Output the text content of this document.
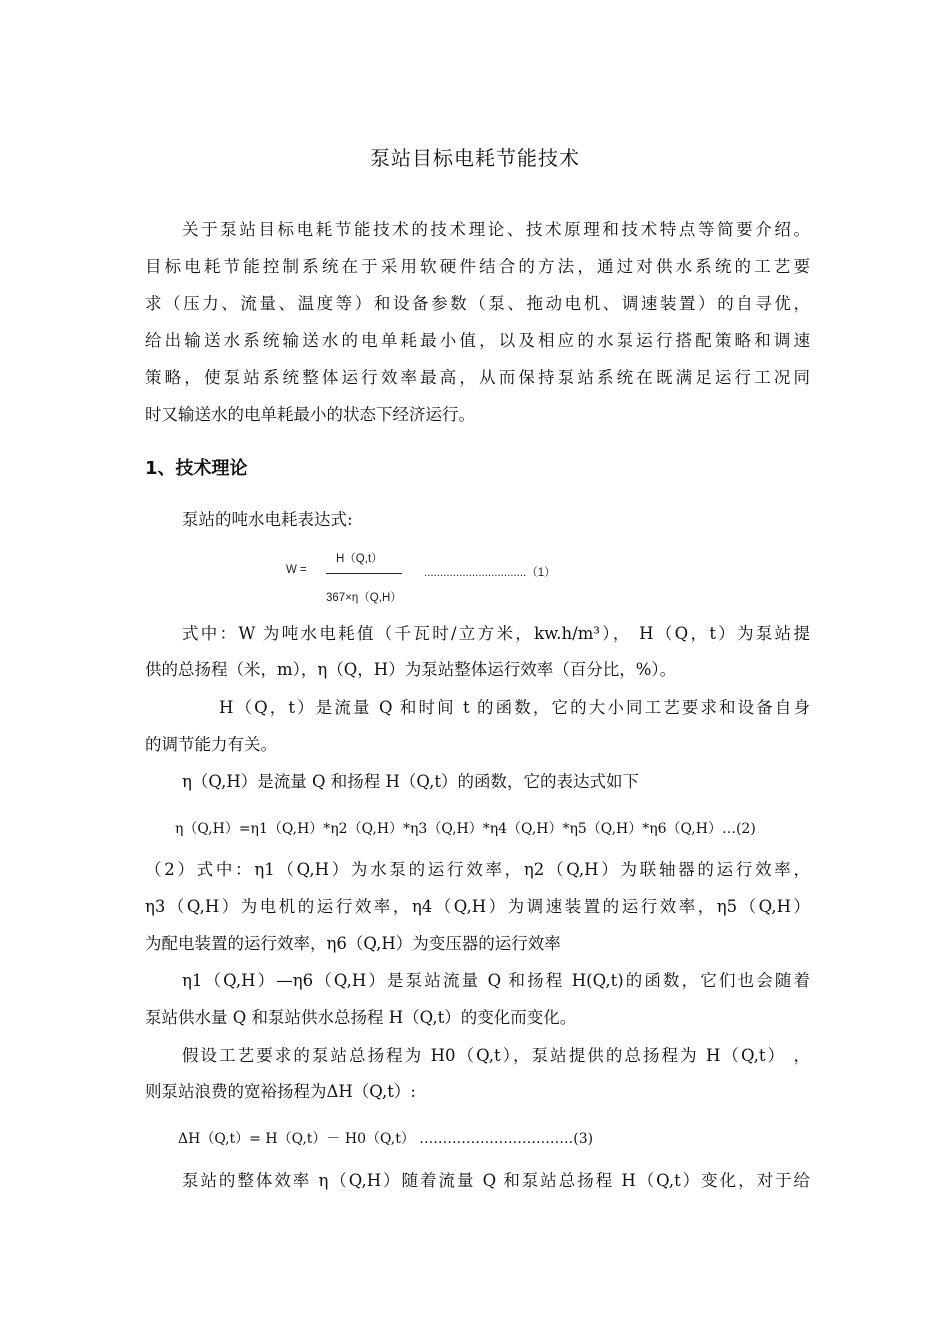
泵站目标电耗节能技术
关于泵站目标电耗节能技术的技术理论、技术原理和技术特点等简要介绍。
目标电耗节能控制系统在于采用软硬件结合的方法，通过对供水系统的工艺要
求（压力、流量、温度等）和设备参数（泵、拖动电机、调速装置）的自寻优，
给出输送水系统输送水的电单耗最小值，以及相应的水泵运行搭配策略和调速
策略，使泵站系统整体运行效率最高，从而保持泵站系统在既满足运行工况同
时又输送水的电单耗最小的状态下经济运行。
1、技术理论
泵站的吨水电耗表达式:
W =
H（Q,t）
367×η（Q,H）
................................（1）
式中：W 为吨水电耗值（千瓦时/立方米，kw.h/m³）， H（Q，t）为泵站提
供的总扬程（米，m），η（Q，H）为泵站整体运行效率（百分比，%）。
H（Q，t）是流量 Q 和时间 t 的函数，它的大小同工艺要求和设备自身
的调节能力有关。
η（Q,H）是流量 Q 和扬程 H（Q,t）的函数，它的表达式如下
η（Q,H）=η1（Q,H）*η2（Q,H）*η3（Q,H）*η4（Q,H）*η5（Q,H）*η6（Q,H）…(2)
（2）式中：η1（Q,H）为水泵的运行效率，η2（Q,H）为联轴器的运行效率，
η3（Q,H）为电机的运行效率，η4（Q,H）为调速装置的运行效率，η5（Q,H）
为配电装置的运行效率，η6（Q,H）为变压器的运行效率
η1（Q,H）—η6（Q,H）是泵站流量 Q 和扬程 H(Q,t)的函数，它们也会随着
泵站供水量 Q 和泵站供水总扬程 H（Q,t）的变化而变化。
假设工艺要求的泵站总扬程为 H0（Q,t），泵站提供的总扬程为 H（Q,t） ，
则泵站浪费的宽裕扬程为ΔH（Q,t）:
ΔH（Q,t）= H（Q,t）－ H0（Q,t） ……………………………(3)
泵站的整体效率 η（Q,H）随着流量 Q 和泵站总扬程 H（Q,t）变化，对于给
